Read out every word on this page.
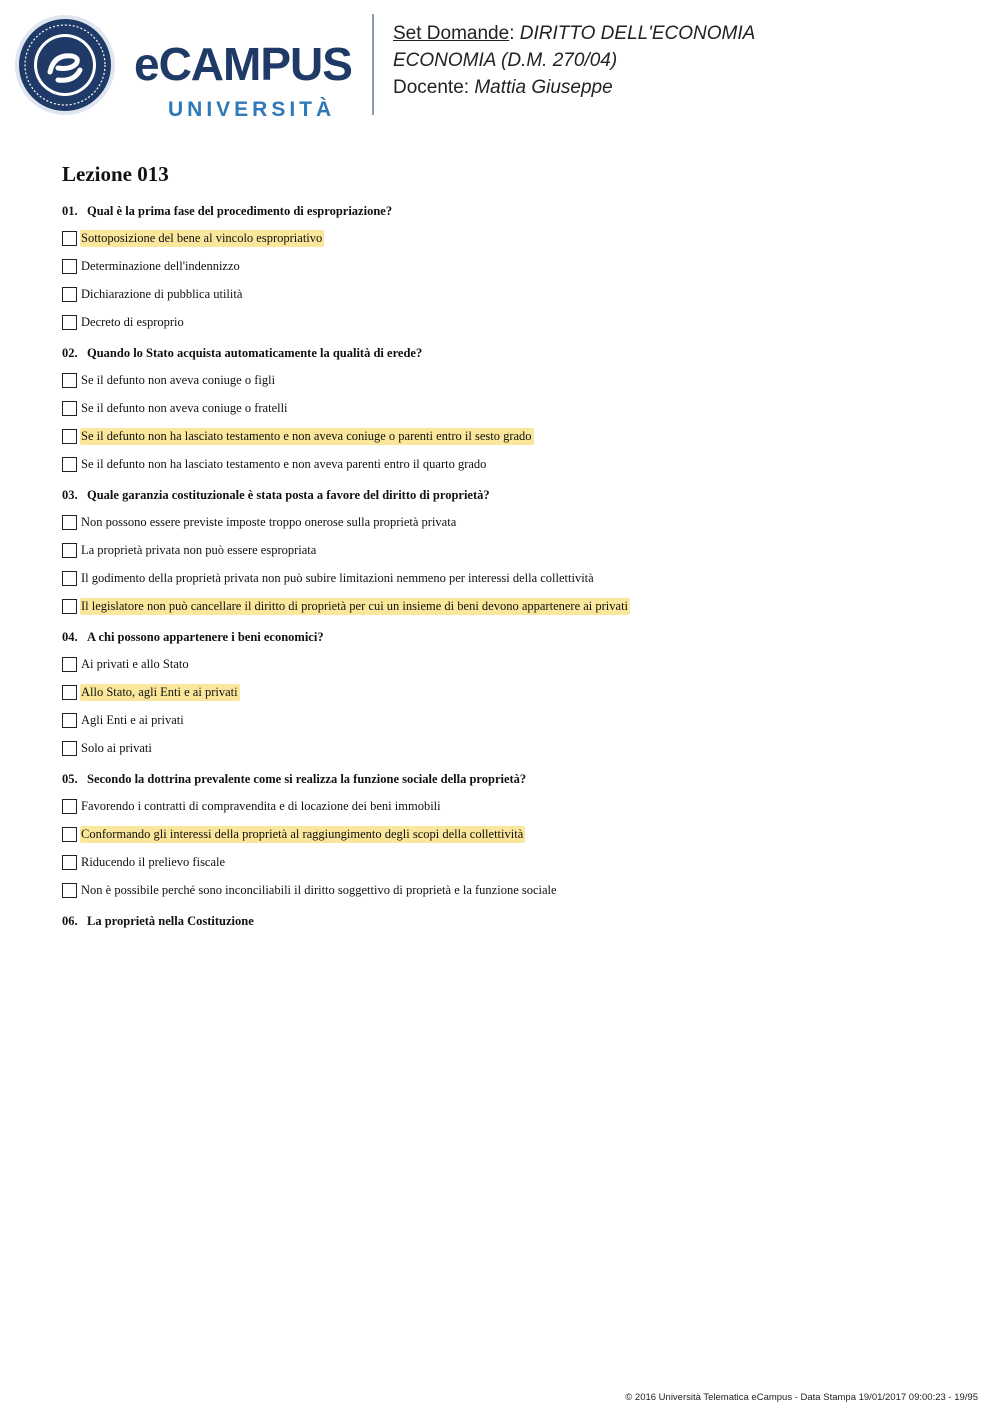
eCAMPUS
UNIVERSITÀ
Set Domande: DIRITTO DELL'ECONOMIA
ECONOMIA (D.M. 270/04)
Docente: Mattia Giuseppe
Lezione 013
01. Qual è la prima fase del procedimento di espropriazione?
Sottoposizione del bene al vincolo espropriativo
Determinazione dell'indennizzo
Dichiarazione di pubblica utilità
Decreto di esproprio
02. Quando lo Stato acquista automaticamente la qualità di erede?
Se il defunto non aveva coniuge o figli
Se il defunto non aveva coniuge o fratelli
Se il defunto non ha lasciato testamento e non aveva coniuge o parenti entro il sesto grado
Se il defunto non ha lasciato testamento e non aveva parenti entro il quarto grado
03. Quale garanzia costituzionale è stata posta a favore del diritto di proprietà?
Non possono essere previste imposte troppo onerose sulla proprietà privata
La proprietà privata non può essere espropriata
Il godimento della proprietà privata non può subire limitazioni nemmeno per interessi della collettività
Il legislatore non può cancellare il diritto di proprietà per cui un insieme di beni devono appartenere ai privati
04. A chi possono appartenere i beni economici?
Ai privati e allo Stato
Allo Stato, agli Enti e ai privati
Agli Enti e ai privati
Solo ai privati
05. Secondo la dottrina prevalente come si realizza la funzione sociale della proprietà?
Favorendo i contratti di compravendita e di locazione dei beni immobili
Conformando gli interessi della proprietà al raggiungimento degli scopi della collettività
Riducendo il prelievo fiscale
Non è possibile perché sono inconciliabili il diritto soggettivo di proprietà e la funzione sociale
06. La proprietà nella Costituzione
© 2016 Università Telematica eCampus - Data Stampa 19/01/2017 09:00:23 - 19/95
